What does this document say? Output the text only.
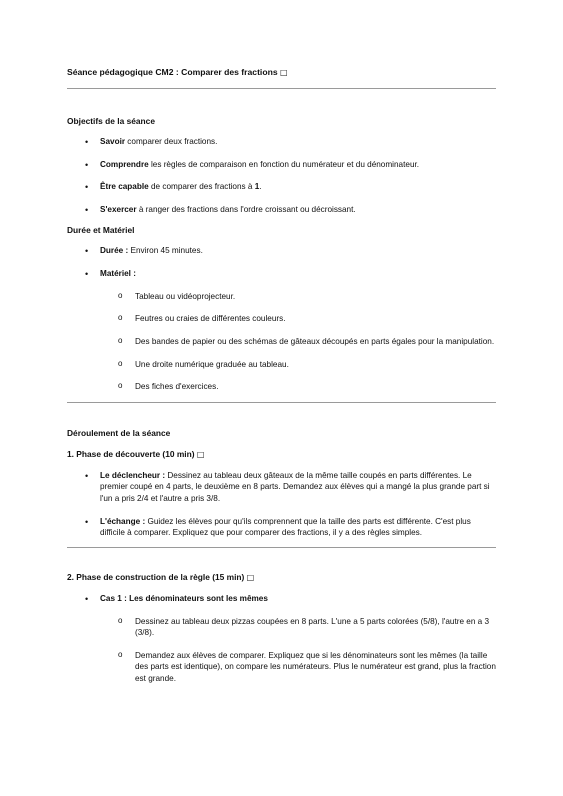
Séance pédagogique CM2 : Comparer des fractions □

Objectifs de la séance

• Savoir comparer deux fractions.
• Comprendre les règles de comparaison en fonction du numérateur et du dénominateur.
• Être capable de comparer des fractions à 1.
• S'exercer à ranger des fractions dans l'ordre croissant ou décroissant.

Durée et Matériel

• Durée : Environ 45 minutes.
• Matériel :
o Tableau ou vidéoprojecteur.
o Feutres ou craies de différentes couleurs.
o Des bandes de papier ou des schémas de gâteaux découpés en parts égales pour la manipulation.
o Une droite numérique graduée au tableau.
o Des fiches d'exercices.

Déroulement de la séance

1. Phase de découverte (10 min) □

• Le déclencheur : Dessinez au tableau deux gâteaux de la même taille coupés en parts différentes. Le premier coupé en 4 parts, le deuxième en 8 parts. Demandez aux élèves qui a mangé la plus grande part si l'un a pris 2/4 et l'autre a pris 3/8.
• L'échange : Guidez les élèves pour qu'ils comprennent que la taille des parts est différente. C'est plus difficile à comparer. Expliquez que pour comparer des fractions, il y a des règles simples.

2. Phase de construction de la règle (15 min) □

• Cas 1 : Les dénominateurs sont les mêmes
o Dessinez au tableau deux pizzas coupées en 8 parts. L'une a 5 parts colorées (5/8), l'autre en a 3 (3/8).
o Demandez aux élèves de comparer. Expliquez que si les dénominateurs sont les mêmes (la taille des parts est identique), on compare les numérateurs. Plus le numérateur est grand, plus la fraction est grande.
